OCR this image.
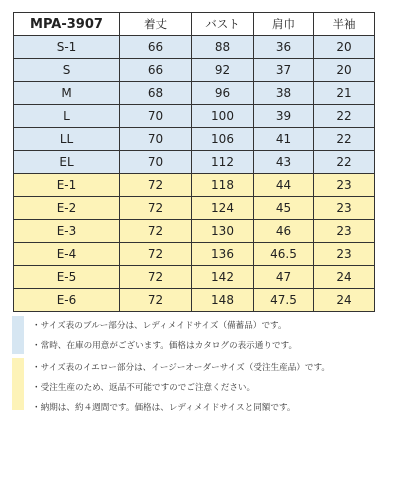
MPA-3907	着丈	バスト	肩巾	半袖
S-1	66	88	36	20
S	66	92	37	20
M	68	96	38	21
L	70	100	39	22
LL	70	106	41	22
EL	70	112	43	22
E-1	72	118	44	23
E-2	72	124	45	23
E-3	72	130	46	23
E-4	72	136	46.5	23
E-5	72	142	47	24
E-6	72	148	47.5	24
・サイズ表のブルー部分は、レディメイドサイズ（備蓄品）です。
・常時、在庫の用意がございます。価格はカタログの表示通りです。
・サイズ表のイエロー部分は、イージーオーダーサイズ（受注生産品）です。
・受注生産のため、返品不可能ですのでご注意ください。
・納期は、約４週間です。価格は、レディメイドサイスと同額です。
